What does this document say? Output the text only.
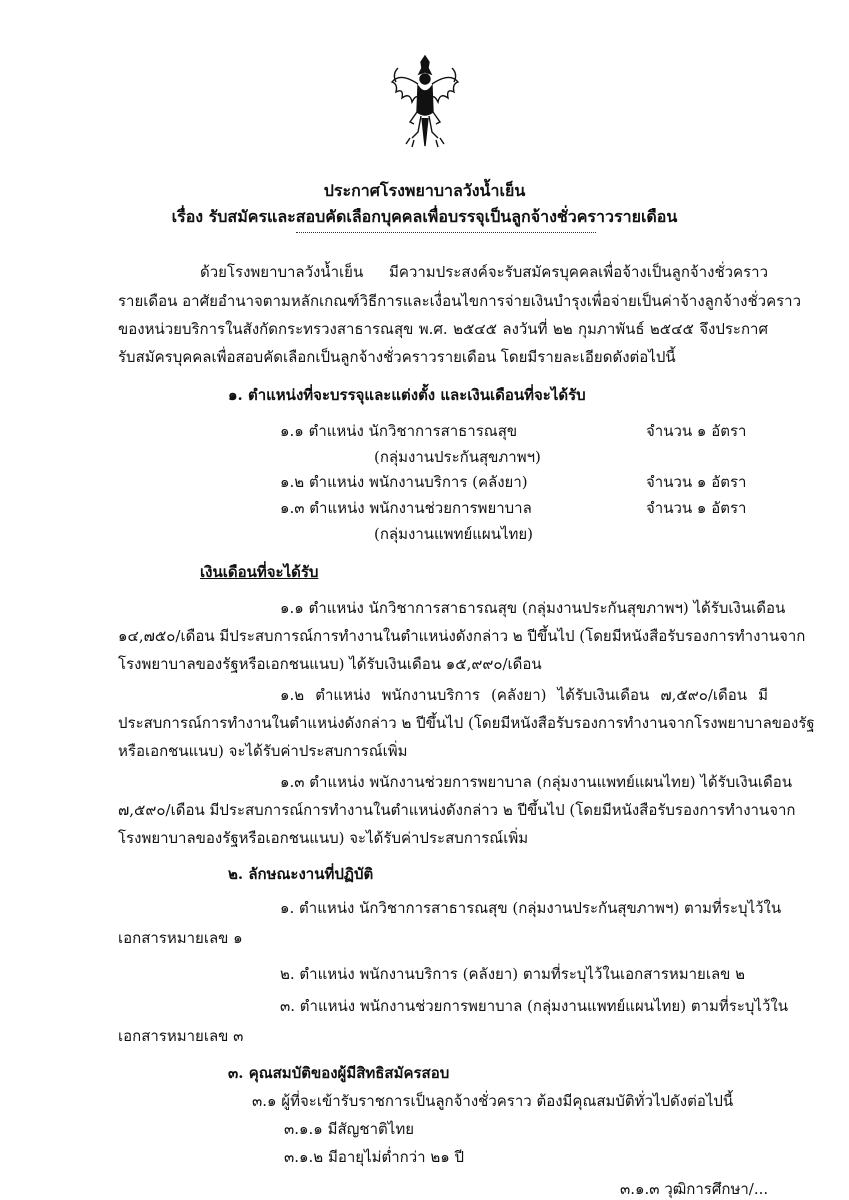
ประกาศโรงพยาบาลวังน้ำเย็น
เรื่อง รับสมัครและสอบคัดเลือกบุคคลเพื่อบรรจุเป็นลูกจ้างชั่วคราวรายเดือน
ด้วยโรงพยาบาลวังน้ำเย็น มีความประสงค์จะรับสมัครบุคคลเพื่อจ้างเป็นลูกจ้างชั่วคราว
รายเดือน อาศัยอำนาจตามหลักเกณฑ์วิธีการและเงื่อนไขการจ่ายเงินบำรุงเพื่อจ่ายเป็นค่าจ้างลูกจ้างชั่วคราว
ของหน่วยบริการในสังกัดกระทรวงสาธารณสุข พ.ศ. ๒๕๔๕ ลงวันที่ ๒๒ กุมภาพันธ์ ๒๕๔๕ จึงประกาศ
รับสมัครบุคคลเพื่อสอบคัดเลือกเป็นลูกจ้างชั่วคราวรายเดือน โดยมีรายละเอียดดังต่อไปนี้
๑. ตำแหน่งที่จะบรรจุและแต่งตั้ง และเงินเดือนที่จะได้รับ
๑.๑ ตำแหน่ง นักวิชาการสาธารณสุข	จำนวน ๑ อัตรา
(กลุ่มงานประกันสุขภาพฯ)
๑.๒ ตำแหน่ง พนักงานบริการ (คลังยา)	จำนวน ๑ อัตรา
๑.๓ ตำแหน่ง พนักงานช่วยการพยาบาล	จำนวน ๑ อัตรา
(กลุ่มงานแพทย์แผนไทย)
เงินเดือนที่จะได้รับ
๑.๑ ตำแหน่ง นักวิชาการสาธารณสุข (กลุ่มงานประกันสุขภาพฯ) ได้รับเงินเดือน
๑๔,๗๕๐/เดือน มีประสบการณ์การทำงานในตำแหน่งดังกล่าว ๒ ปีขึ้นไป (โดยมีหนังสือรับรองการทำงานจาก
โรงพยาบาลของรัฐหรือเอกชนแนบ) ได้รับเงินเดือน ๑๕,๙๙๐/เดือน
๑.๒ ตำแหน่ง พนักงานบริการ (คลังยา) ได้รับเงินเดือน ๗,๕๙๐/เดือน มี
ประสบการณ์การทำงานในตำแหน่งดังกล่าว ๒ ปีขึ้นไป (โดยมีหนังสือรับรองการทำงานจากโรงพยาบาลของรัฐ
หรือเอกชนแนบ) จะได้รับค่าประสบการณ์เพิ่ม
๑.๓ ตำแหน่ง พนักงานช่วยการพยาบาล (กลุ่มงานแพทย์แผนไทย) ได้รับเงินเดือน
๗,๕๙๐/เดือน มีประสบการณ์การทำงานในตำแหน่งดังกล่าว ๒ ปีขึ้นไป (โดยมีหนังสือรับรองการทำงานจาก
โรงพยาบาลของรัฐหรือเอกชนแนบ) จะได้รับค่าประสบการณ์เพิ่ม
๒. ลักษณะงานที่ปฏิบัติ
๑. ตำแหน่ง นักวิชาการสาธารณสุข (กลุ่มงานประกันสุขภาพฯ) ตามที่ระบุไว้ใน
เอกสารหมายเลข ๑
๒. ตำแหน่ง พนักงานบริการ (คลังยา) ตามที่ระบุไว้ในเอกสารหมายเลข ๒
๓. ตำแหน่ง พนักงานช่วยการพยาบาล (กลุ่มงานแพทย์แผนไทย) ตามที่ระบุไว้ใน
เอกสารหมายเลข ๓
๓. คุณสมบัติของผู้มีสิทธิสมัครสอบ
๓.๑ ผู้ที่จะเข้ารับราชการเป็นลูกจ้างชั่วคราว ต้องมีคุณสมบัติทั่วไปดังต่อไปนี้
๓.๑.๑ มีสัญชาติไทย
๓.๑.๒ มีอายุไม่ต่ำกว่า ๒๑ ปี
๓.๑.๓ วุฒิการศึกษา/...
